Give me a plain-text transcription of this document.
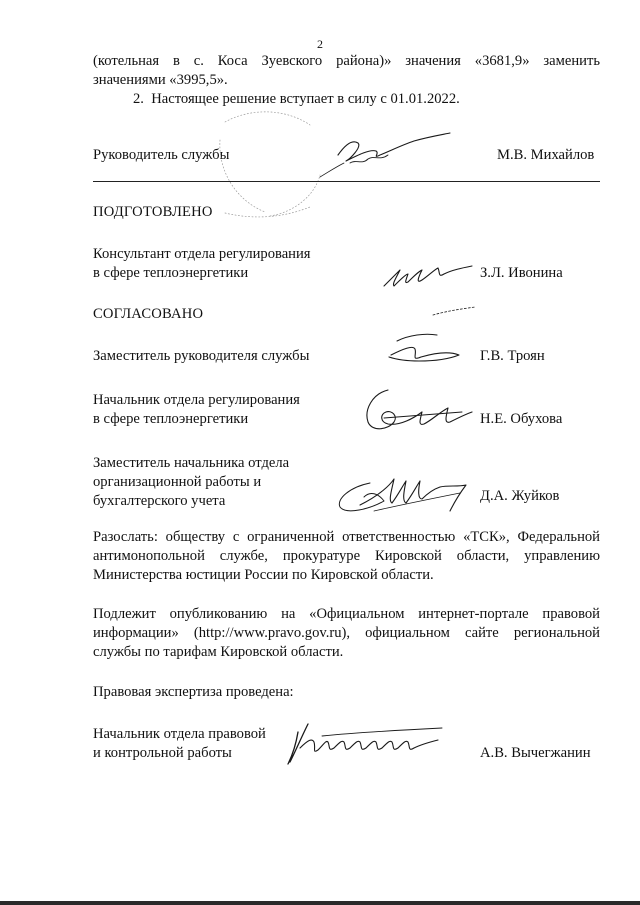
2
(котельная в с. Коса Зуевского района)» значения «3681,9» заменить
значениями «3995,5».
2.  Настоящее решение вступает в силу с 01.01.2022.
Руководитель службы	М.В. Михайлов
ПОДГОТОВЛЕНО
Консультант отдела регулирования
в сфере теплоэнергетики	З.Л. Ивонина
СОГЛАСОВАНО
Заместитель руководителя службы	Г.В. Троян
Начальник отдела регулирования
в сфере теплоэнергетики	Н.Е. Обухова
Заместитель начальника отдела
организационной работы и
бухгалтерского учета	Д.А. Жуйков
Разослать: обществу с ограниченной ответственностью «ТСК», Федеральной
антимонопольной службе, прокуратуре Кировской области, управлению
Министерства юстиции России по Кировской области.
Подлежит опубликованию на «Официальном интернет-портале правовой
информации» (http://www.pravo.gov.ru), официальном сайте региональной
службы по тарифам Кировской области.
Правовая экспертиза проведена:
Начальник отдела правовой
и контрольной работы	А.В. Вычегжанин
